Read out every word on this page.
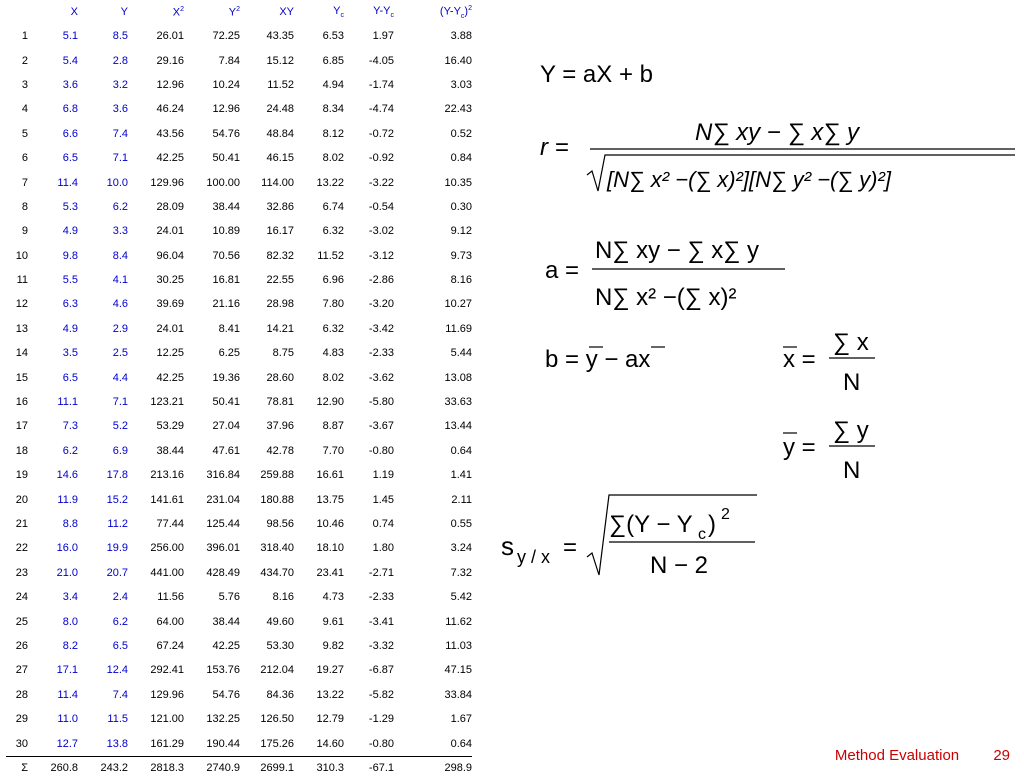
	X	Y	$X^2$	$Y^2$	XY	$Y_c$	$Y-Y_c$	$(Y-Y_c)^2$
1	5.1	8.5	26.01	72.25	43.35	6.53	1.97	3.88
2	5.4	2.8	29.16	7.84	15.12	6.85	-4.05	16.40
3	3.6	3.2	12.96	10.24	11.52	4.94	-1.74	3.03
4	6.8	3.6	46.24	12.96	24.48	8.34	-4.74	22.43
5	6.6	7.4	43.56	54.76	48.84	8.12	-0.72	0.52
6	6.5	7.1	42.25	50.41	46.15	8.02	-0.92	0.84
7	11.4	10.0	129.96	100.00	114.00	13.22	-3.22	10.35
8	5.3	6.2	28.09	38.44	32.86	6.74	-0.54	0.30
9	4.9	3.3	24.01	10.89	16.17	6.32	-3.02	9.12
10	9.8	8.4	96.04	70.56	82.32	11.52	-3.12	9.73
11	5.5	4.1	30.25	16.81	22.55	6.96	-2.86	8.16
12	6.3	4.6	39.69	21.16	28.98	7.80	-3.20	10.27
13	4.9	2.9	24.01	8.41	14.21	6.32	-3.42	11.69
14	3.5	2.5	12.25	6.25	8.75	4.83	-2.33	5.44
15	6.5	4.4	42.25	19.36	28.60	8.02	-3.62	13.08
16	11.1	7.1	123.21	50.41	78.81	12.90	-5.80	33.63
17	7.3	5.2	53.29	27.04	37.96	8.87	-3.67	13.44
18	6.2	6.9	38.44	47.61	42.78	7.70	-0.80	0.64
19	14.6	17.8	213.16	316.84	259.88	16.61	1.19	1.41
20	11.9	15.2	141.61	231.04	180.88	13.75	1.45	2.11
21	8.8	11.2	77.44	125.44	98.56	10.46	0.74	0.55
22	16.0	19.9	256.00	396.01	318.40	18.10	1.80	3.24
23	21.0	20.7	441.00	428.49	434.70	23.41	-2.71	7.32
24	3.4	2.4	11.56	5.76	8.16	4.73	-2.33	5.42
25	8.0	6.2	64.00	38.44	49.60	9.61	-3.41	11.62
26	8.2	6.5	67.24	42.25	53.30	9.82	-3.32	11.03
27	17.1	12.4	292.41	153.76	212.04	19.27	-6.87	47.15
28	11.4	7.4	129.96	54.76	84.36	13.22	-5.82	33.84
29	11.0	11.5	121.00	132.25	126.50	12.79	-1.29	1.67
30	12.7	13.8	161.29	190.44	175.26	14.60	-0.80	0.64
Σ	260.8	243.2	2818.3	2740.9	2699.1	310.3	-67.1	298.9
Y = aX + b
r =
N∑ xy − ∑ x∑ y
[N∑ x² −(∑ x)²][N∑ y² −(∑ y)²]
a =
N∑ xy − ∑ x∑ y
N∑ x² −(∑ x)²
b = y − ax	x =
∑ x
N
y =
∑ y
N
s y / x =
∑(Y − Y c ) 2
N − 2
Method Evaluation 29
